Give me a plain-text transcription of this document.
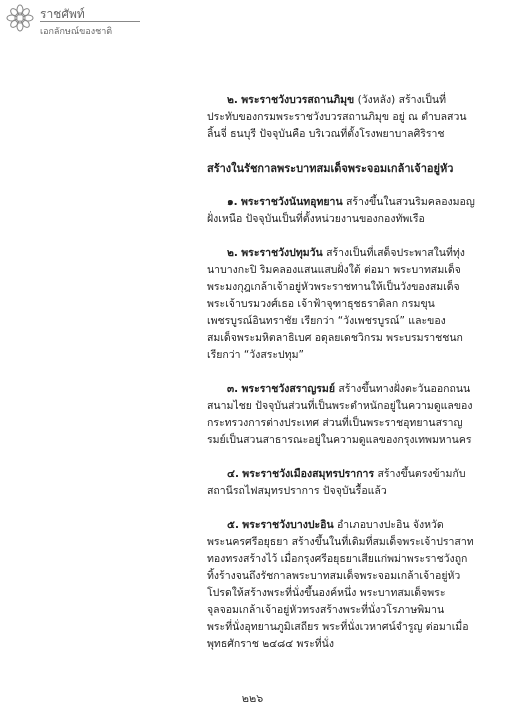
ราชศัพท์
เอกลักษณ์ของชาติ

๒. พระราชวังบวรสถานภิมุข (วังหลัง) สร้างเป็นที่ประทับของกรมพระราชวังบวรสถานภิมุข อยู่ ณ ตำบลสวนลิ้นจี่ ธนบุรี ปัจจุบันคือ บริเวณที่ตั้งโรงพยาบาลศิริราช

สร้างในรัชกาลพระบาทสมเด็จพระจอมเกล้าเจ้าอยู่หัว

๑. พระราชวังนันทอุทยาน สร้างขึ้นในสวนริมคลองมอญฝั่งเหนือ ปัจจุบันเป็นที่ตั้งหน่วยงานของกองทัพเรือ

๒. พระราชวังปทุมวัน สร้างเป็นที่เสด็จประพาสในที่ทุ่งนาบางกะปิ ริมคลองแสนแสบฝั่งใต้ ต่อมา พระบาทสมเด็จพระมงกุฎเกล้าเจ้าอยู่หัวพระราชทานให้เป็นวังของสมเด็จพระเจ้าบรมวงศ์เธอ เจ้าฟ้าจุฑาธุชธราดิลก กรมขุนเพชรบูรณ์อินทราชัย เรียกว่า “วังเพชรบูรณ์” และของสมเด็จพระมหิตลาธิเบศ อดุลยเดชวิกรม พระบรมราชชนก เรียกว่า “วังสระปทุม”

๓. พระราชวังสราญรมย์ สร้างขึ้นทางฝั่งตะวันออกถนนสนามไชย ปัจจุบันส่วนที่เป็นพระตำหนักอยู่ในความดูแลของกระทรวงการต่างประเทศ ส่วนที่เป็นพระราชอุทยานสราญรมย์เป็นสวนสาธารณะอยู่ในความดูแลของกรุงเทพมหานคร

๔. พระราชวังเมืองสมุทรปราการ สร้างขึ้นตรงข้ามกับสถานีรถไฟสมุทรปราการ ปัจจุบันรื้อแล้ว

๕. พระราชวังบางปะอิน อำเภอบางปะอิน จังหวัดพระนครศรีอยุธยา สร้างขึ้นในที่เดิมที่สมเด็จพระเจ้าปราสาททองทรงสร้างไว้ เมื่อกรุงศรีอยุธยาเสียแก่พม่าพระราชวังถูกทิ้งร้างจนถึงรัชกาลพระบาทสมเด็จพระจอมเกล้าเจ้าอยู่หัว โปรดให้สร้างพระที่นั่งขึ้นองค์หนึ่ง พระบาทสมเด็จพระจุลจอมเกล้าเจ้าอยู่หัวทรงสร้างพระที่นั่งวโรภาษพิมาน พระที่นั่งอุทยานภูมิเสถียร พระที่นั่งเวหาศน์จำรูญ ต่อมาเมื่อพุทธศักราช ๒๔๘๔ พระที่นั่ง

๒๒๖
